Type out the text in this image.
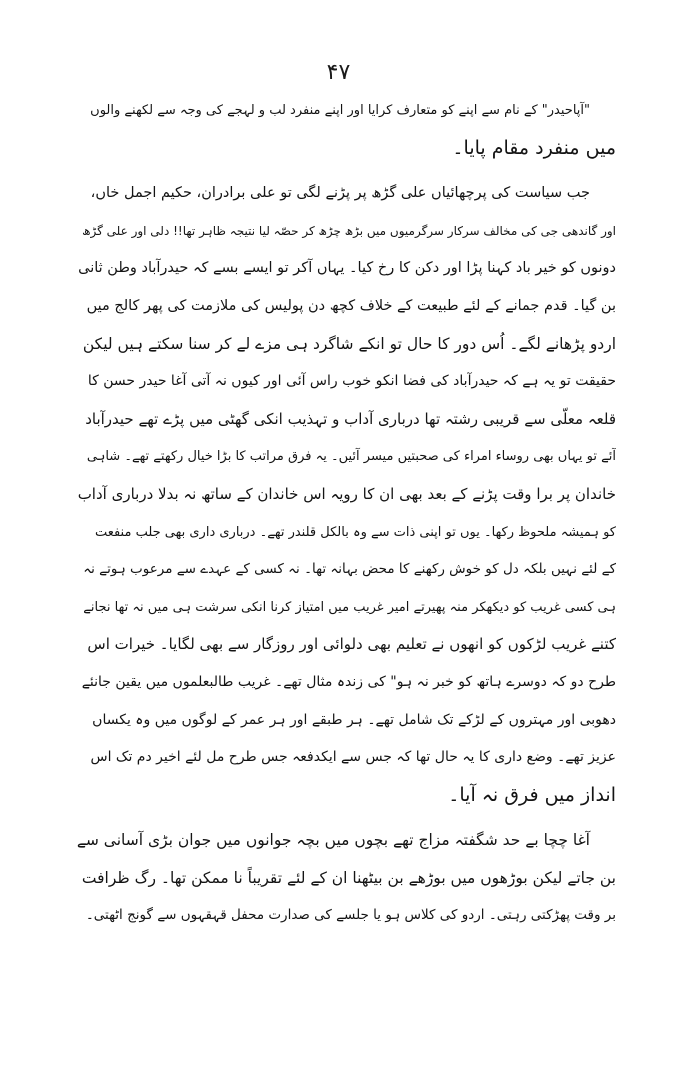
۴۷
"آپاحیدر" کے نام سے اپنے کو متعارف کرایا اور اپنے منفرد لب و لہجے کی وجہ سے لکھنے والوں
میں منفرد مقام پایا۔
جب سیاست کی پرچھائیاں علی گڑھ پر پڑنے لگی تو علی برادران، حکیم اجمل خاں،
اور گاندھی جی کی مخالف سرکار سرگرمیوں میں بڑھ چڑھ کر حصّہ لیا نتیجہ ظاہر تھا!! دلی اور علی گڑھ
دونوں کو خیر باد کہنا پڑا اور دکن کا رخ کیا۔ یہاں آکر تو ایسے بسے کہ حیدرآباد وطن ثانی
بن گیا۔ قدم جمانے کے لئے طبیعت کے خلاف کچھ دن پولیس کی ملازمت کی پھر کالج میں
اردو پڑھانے لگے۔ اُس دور کا حال تو انکے شاگرد ہی مزے لے کر سنا سکتے ہیں لیکن
حقیقت تو یہ ہے کہ حیدرآباد کی فضا انکو خوب راس آئی اور کیوں نہ آتی آغا حیدر حسن کا
قلعہ معلّی سے قریبی رشتہ تھا درباری آداب و تہذیب انکی گھٹی میں پڑے تھے حیدرآباد
آئے تو یہاں بھی روساء امراء کی صحبتیں میسر آئیں۔ یہ فرق مراتب کا بڑا خیال رکھتے تھے۔ شاہی
خاندان پر برا وقت پڑنے کے بعد بھی ان کا رویہ اس خاندان کے ساتھ نہ بدلا درباری آداب
کو ہمیشہ ملحوظ رکھا۔ یوں تو اپنی ذات سے وہ بالکل قلندر تھے۔ درباری داری بھی جلب منفعت
کے لئے نہیں بلکہ دل کو خوش رکھنے کا محض بہانہ تھا۔ نہ کسی کے عہدے سے مرعوب ہوتے نہ
ہی کسی غریب کو دیکھکر منہ پھیرتے امیر غریب میں امتیاز کرنا انکی سرشت ہی میں نہ تھا نجانے
کتنے غریب لڑکوں کو انھوں نے تعلیم بھی دلوائی اور روزگار سے بھی لگایا۔ خیرات اس
طرح دو کہ دوسرے ہاتھ کو خبر نہ ہو" کی زندہ مثال تھے۔ غریب طالبعلموں میں یقین جانئے
دھوبی اور مہتروں کے لڑکے تک شامل تھے۔ ہر طبقے اور ہر عمر کے لوگوں میں وہ یکساں
عزیز تھے۔ وضع داری کا یہ حال تھا کہ جس سے ایکدفعہ جس طرح مل لئے اخیر دم تک اس
انداز میں فرق نہ آیا۔
آغا چچا بے حد شگفتہ مزاج تھے بچوں میں بچہ جوانوں میں جوان بڑی آسانی سے
بن جاتے لیکن بوڑھوں میں بوڑھے بن بیٹھنا ان کے لئے تقریباً نا ممکن تھا۔ رگ ظرافت
بر وقت پھڑکتی رہتی۔ اردو کی کلاس ہو یا جلسے کی صدارت محفل قہقہوں سے گونج اٹھتی۔
